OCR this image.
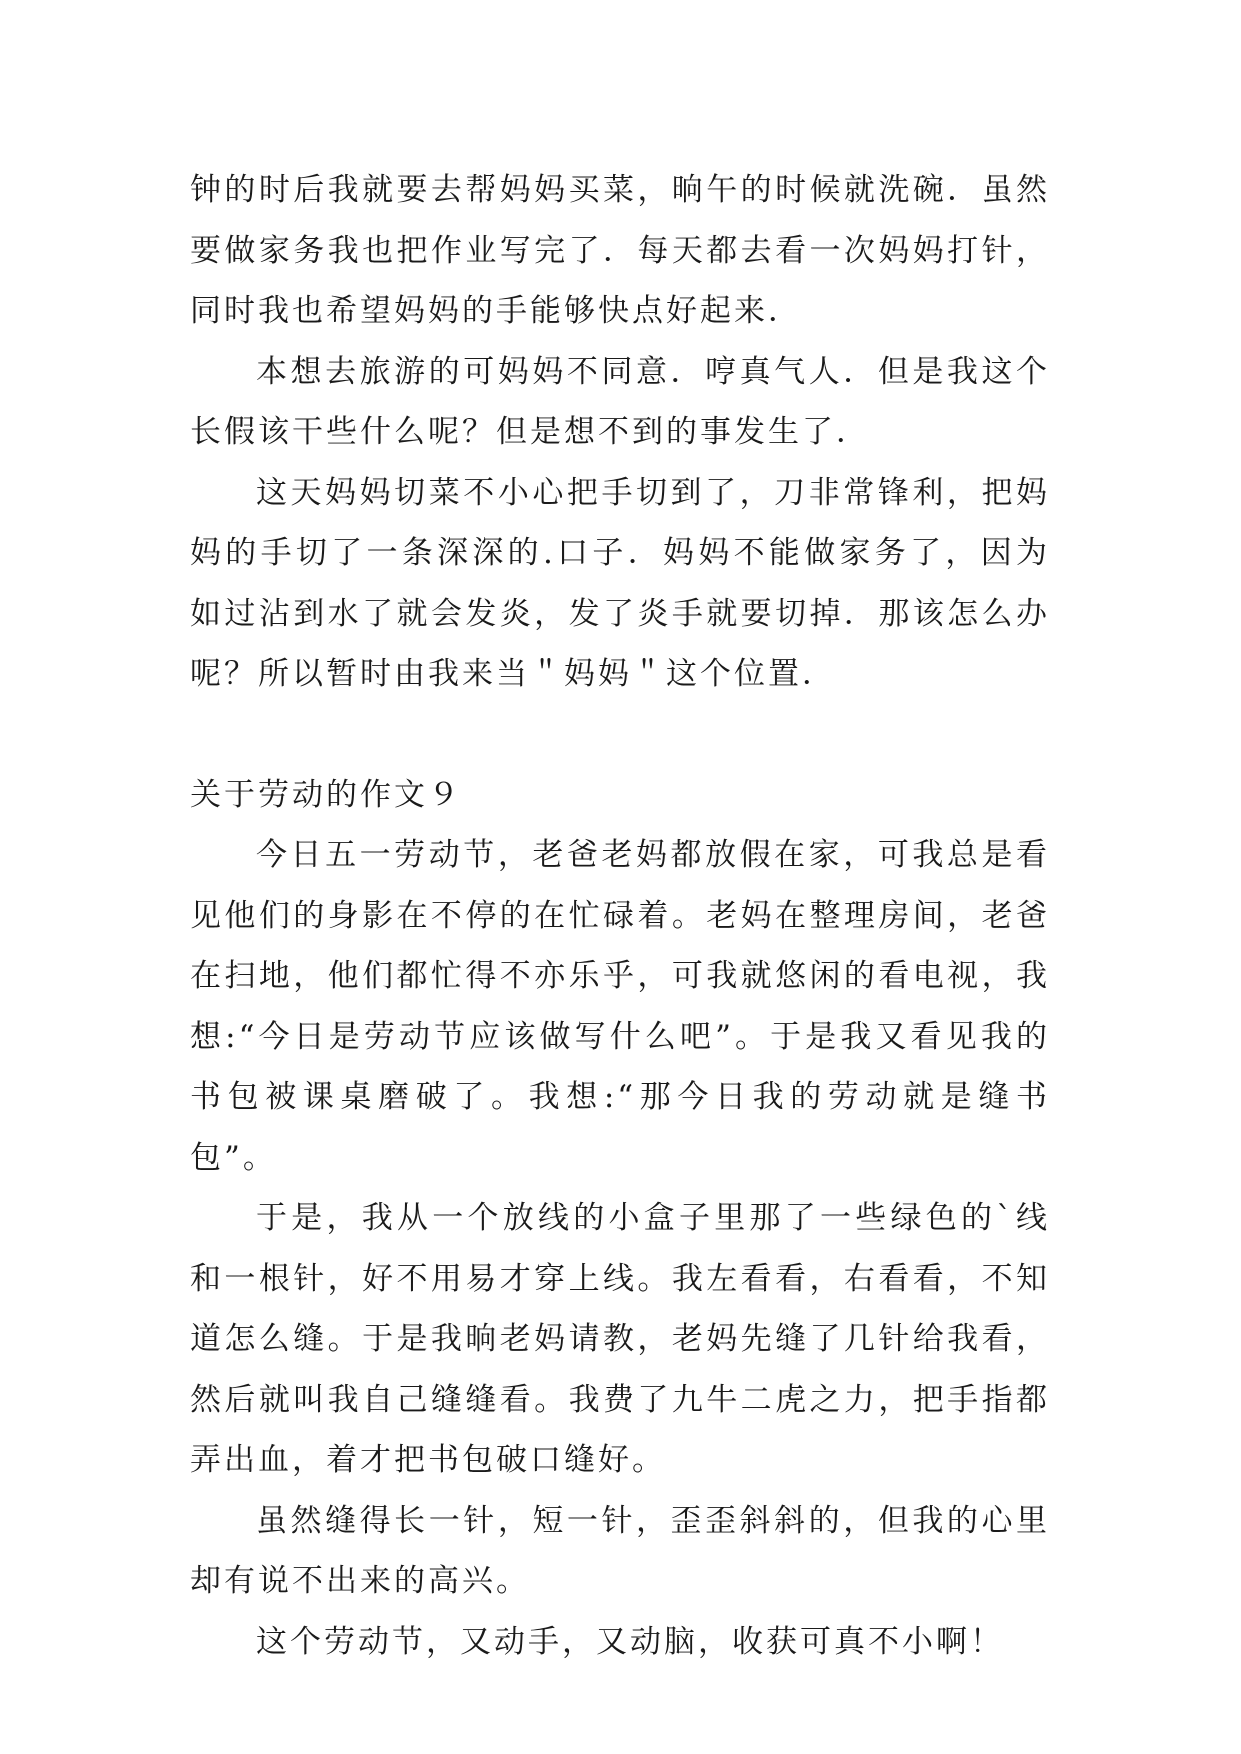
钟的时后我就要去帮妈妈买菜，晌午的时候就洗碗．虽然要做家务我也把作业写完了．每天都去看一次妈妈打针，同时我也希望妈妈的手能够快点好起来．

本想去旅游的可妈妈不同意．哼真气人．但是我这个长假该干些什么呢？但是想不到的事发生了．

这天妈妈切菜不小心把手切到了，刀非常锋利，把妈妈的手切了一条深深的.口子．妈妈不能做家务了，因为如过沾到水了就会发炎，发了炎手就要切掉．那该怎么办呢？所以暂时由我来当＂妈妈＂这个位置．

关于劳动的作文９

今日五一劳动节，老爸老妈都放假在家，可我总是看见他们的身影在不停的在忙碌着。老妈在整理房间，老爸在扫地，他们都忙得不亦乐乎，可我就悠闲的看电视，我想:“今日是劳动节应该做写什么吧”。于是我又看见我的书包被课桌磨破了。我想:“那今日我的劳动就是缝书包”。

于是，我从一个放线的小盒子里那了一些绿色的`线和一根针，好不用易才穿上线。我左看看，右看看，不知道怎么缝。于是我晌老妈请教，老妈先缝了几针给我看，然后就叫我自己缝缝看。我费了九牛二虎之力，把手指都弄出血，着才把书包破口缝好。

虽然缝得长一针，短一针，歪歪斜斜的，但我的心里却有说不出来的高兴。

这个劳动节，又动手，又动脑，收获可真不小啊！
